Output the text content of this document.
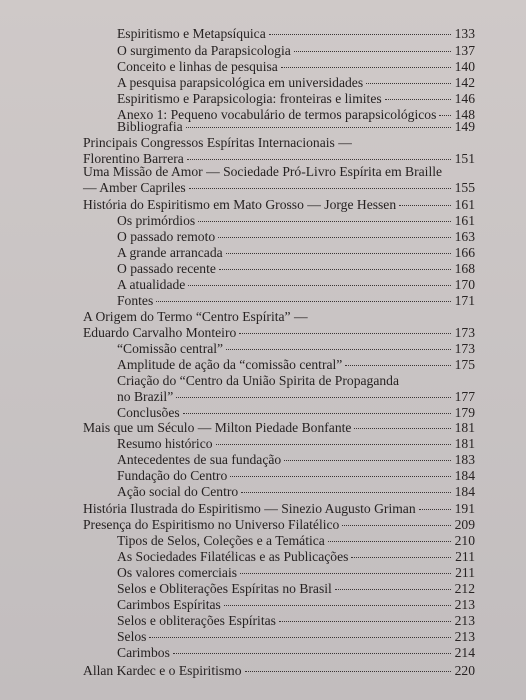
Espiritismo e Metapsíquica	133
O surgimento da Parapsicologia	137
Conceito e linhas de pesquisa	140
A pesquisa parapsicológica em universidades	142
Espiritismo e Parapsicologia: fronteiras e limites	146
Anexo 1: Pequeno vocabulário de termos parapsicológicos 148
Bibliografia	149
Principais Congressos Espíritas Internacionais —
Florentino Barrera	151
Uma Missão de Amor — Sociedade Pró-Livro Espírita em Braille
— Amber Capriles	155
História do Espiritismo em Mato Grosso — Jorge Hessen	161
Os primórdios	161
O passado remoto	163
A grande arrancada	166
O passado recente	168
A atualidade	170
Fontes	171
A Origem do Termo “Centro Espírita” —
Eduardo Carvalho Monteiro	173
“Comissão central”	173
Amplitude de ação da “comissão central”	175
Criação do “Centro da União Spirita de Propaganda
no Brazil”	177
Conclusões	179
Mais que um Século — Milton Piedade Bonfante	181
Resumo histórico	181
Antecedentes de sua fundação	183
Fundação do Centro	184
Ação social do Centro	184
História Ilustrada do Espiritismo — Sinezio Augusto Griman	191
Presença do Espiritismo no Universo Filatélico	209
Tipos de Selos, Coleções e a Temática	210
As Sociedades Filatélicas e as Publicações	211
Os valores comerciais	211
Selos e Obliterações Espíritas no Brasil	212
Carimbos Espíritas	213
Selos e obliterações Espíritas	213
Selos	213
Carimbos	214
Allan Kardec e o Espiritismo	220
